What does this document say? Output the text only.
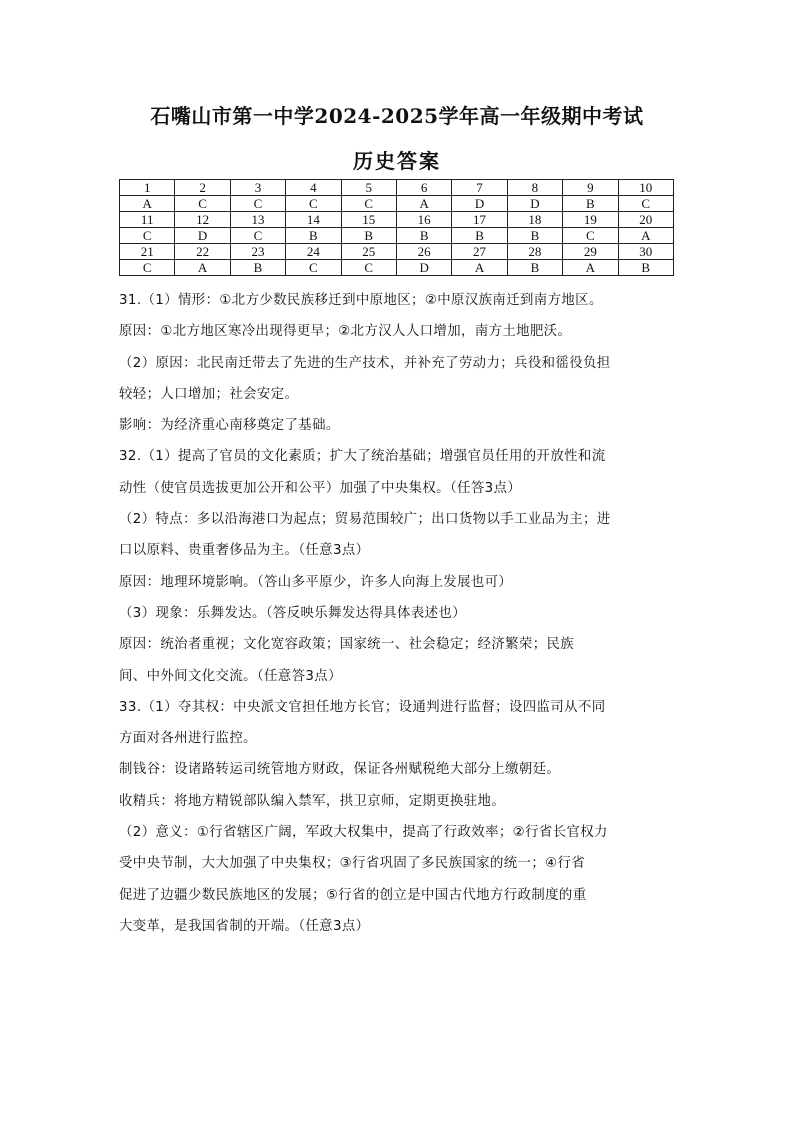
石嘴山市第一中学2024-2025学年高一年级期中考试
历史答案
1	2	3	4	5	6	7	8	9	10
A	C	C	C	C	A	D	D	B	C
11	12	13	14	15	16	17	18	19	20
C	D	C	B	B	B	B	B	C	A
21	22	23	24	25	26	27	28	29	30
C	A	B	C	C	D	A	B	A	B
31.（1）情形：①北方少数民族移迁到中原地区；②中原汉族南迁到南方地区。
原因：①北方地区寒冷出现得更早；②北方汉人人口增加，南方土地肥沃。
（2）原因：北民南迁带去了先进的生产技术，并补充了劳动力；兵役和徭役负担
较轻；人口增加；社会安定。
影响：为经济重心南移奠定了基础。
32.（1）提高了官员的文化素质；扩大了统治基础；增强官员任用的开放性和流
动性（使官员选拔更加公开和公平）加强了中央集权。（任答3点）
（2）特点：多以沿海港口为起点；贸易范围较广；出口货物以手工业品为主；进
口以原料、贵重奢侈品为主。（任意3点）
原因：地理环境影响。（答山多平原少，许多人向海上发展也可）
（3）现象：乐舞发达。（答反映乐舞发达得具体表述也）
原因：统治者重视；文化宽容政策；国家统一、社会稳定；经济繁荣；民族
间、中外间文化交流。（任意答3点）
33.（1）夺其权：中央派文官担任地方长官；设通判进行监督；设四监司从不同
方面对各州进行监控。
制钱谷：设诸路转运司统管地方财政，保证各州赋税绝大部分上缴朝廷。
收精兵：将地方精锐部队编入禁军，拱卫京师，定期更换驻地。
（2）意义：①行省辖区广阔，军政大权集中，提高了行政效率；②行省长官权力
受中央节制，大大加强了中央集权；③行省巩固了多民族国家的统一；④行省
促进了边疆少数民族地区的发展；⑤行省的创立是中国古代地方行政制度的重
大变革，是我国省制的开端。（任意3点）
